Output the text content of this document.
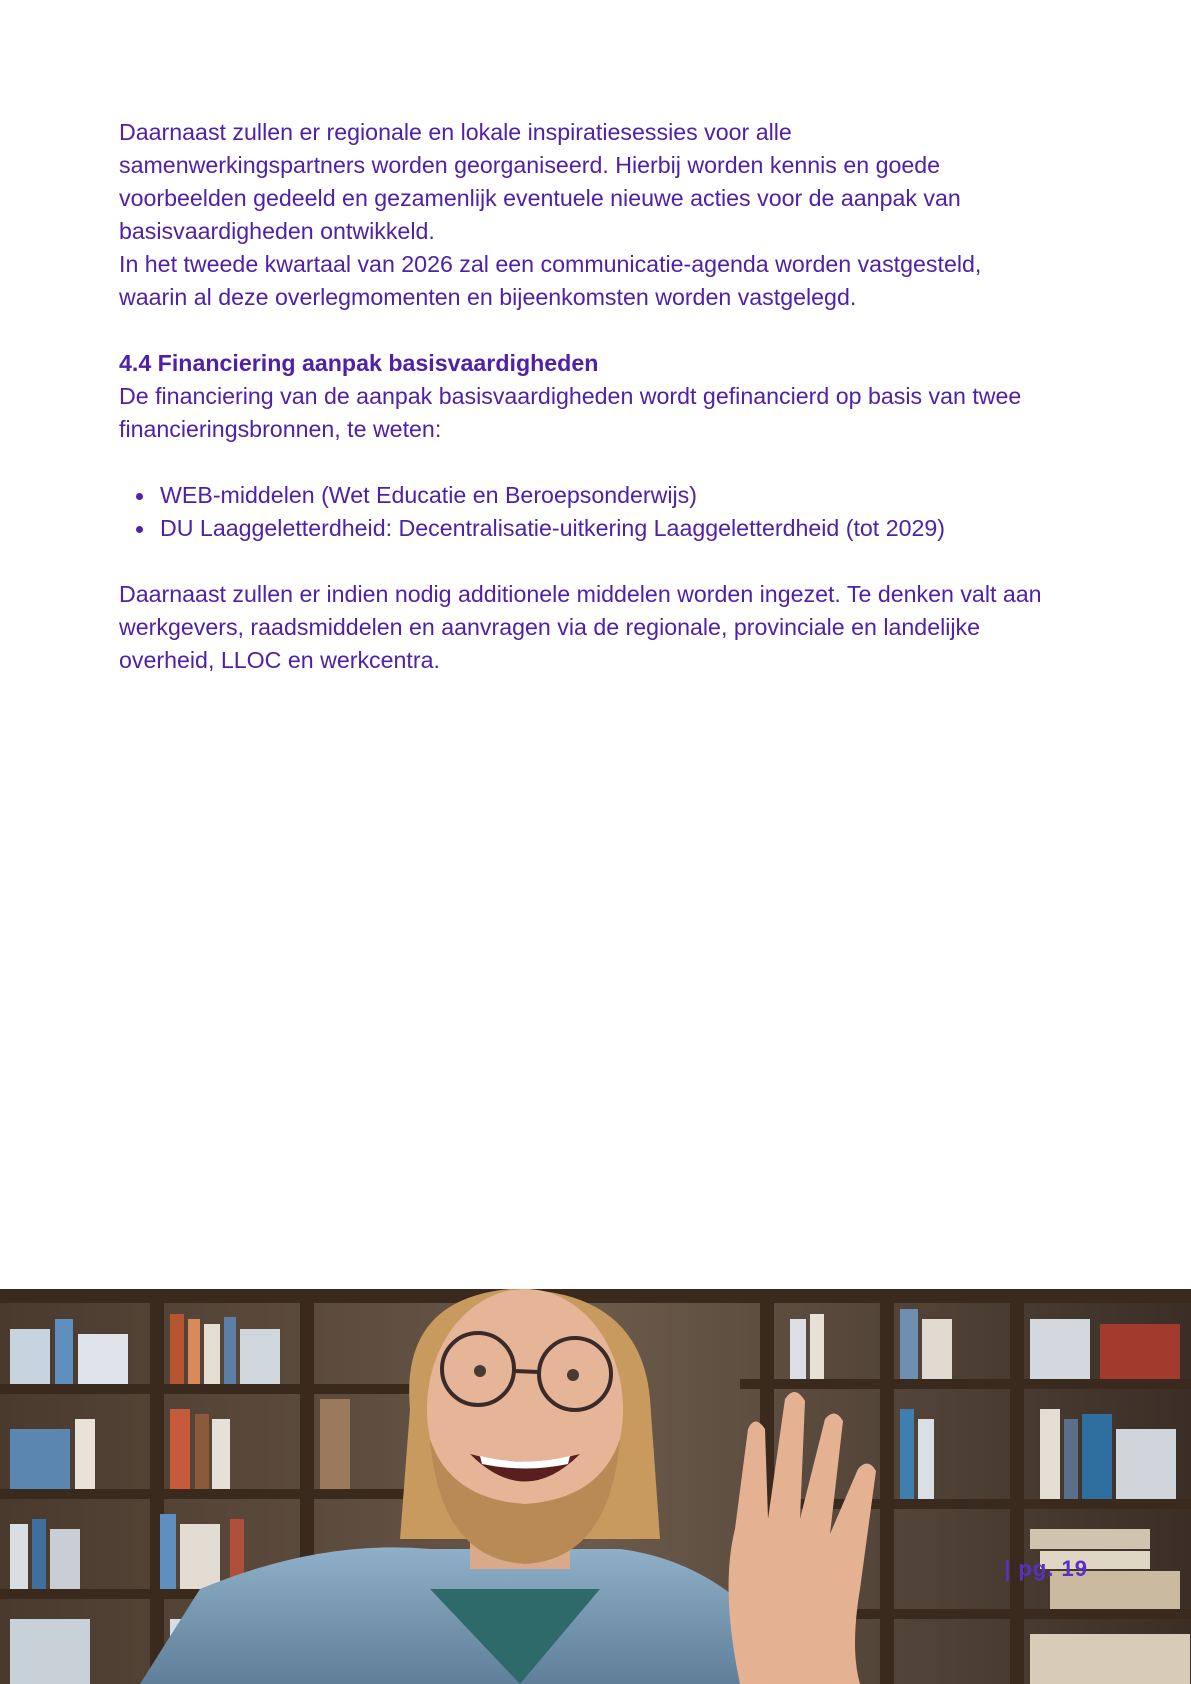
Daarnaast zullen er regionale en lokale inspiratiesessies voor alle
samenwerkingspartners worden georganiseerd. Hierbij worden kennis en goede
voorbeelden gedeeld en gezamenlijk eventuele nieuwe acties voor de aanpak van
basisvaardigheden ontwikkeld.

In het tweede kwartaal van 2026 zal een communicatie-agenda worden vastgesteld,
waarin al deze overlegmomenten en bijeenkomsten worden vastgelegd.

4.4 Financiering aanpak basisvaardigheden

De financiering van de aanpak basisvaardigheden wordt gefinancierd op basis van twee
financieringsbronnen, te weten:

WEB-middelen (Wet Educatie en Beroepsonderwijs)
DU Laaggeletterdheid: Decentralisatie-uitkering Laaggeletterdheid (tot 2029)

Daarnaast zullen er indien nodig additionele middelen worden ingezet. Te denken valt aan
werkgevers, raadsmiddelen en aanvragen via de regionale, provinciale en landelijke
overheid, LLOC en werkcentra.

| pg. 19
